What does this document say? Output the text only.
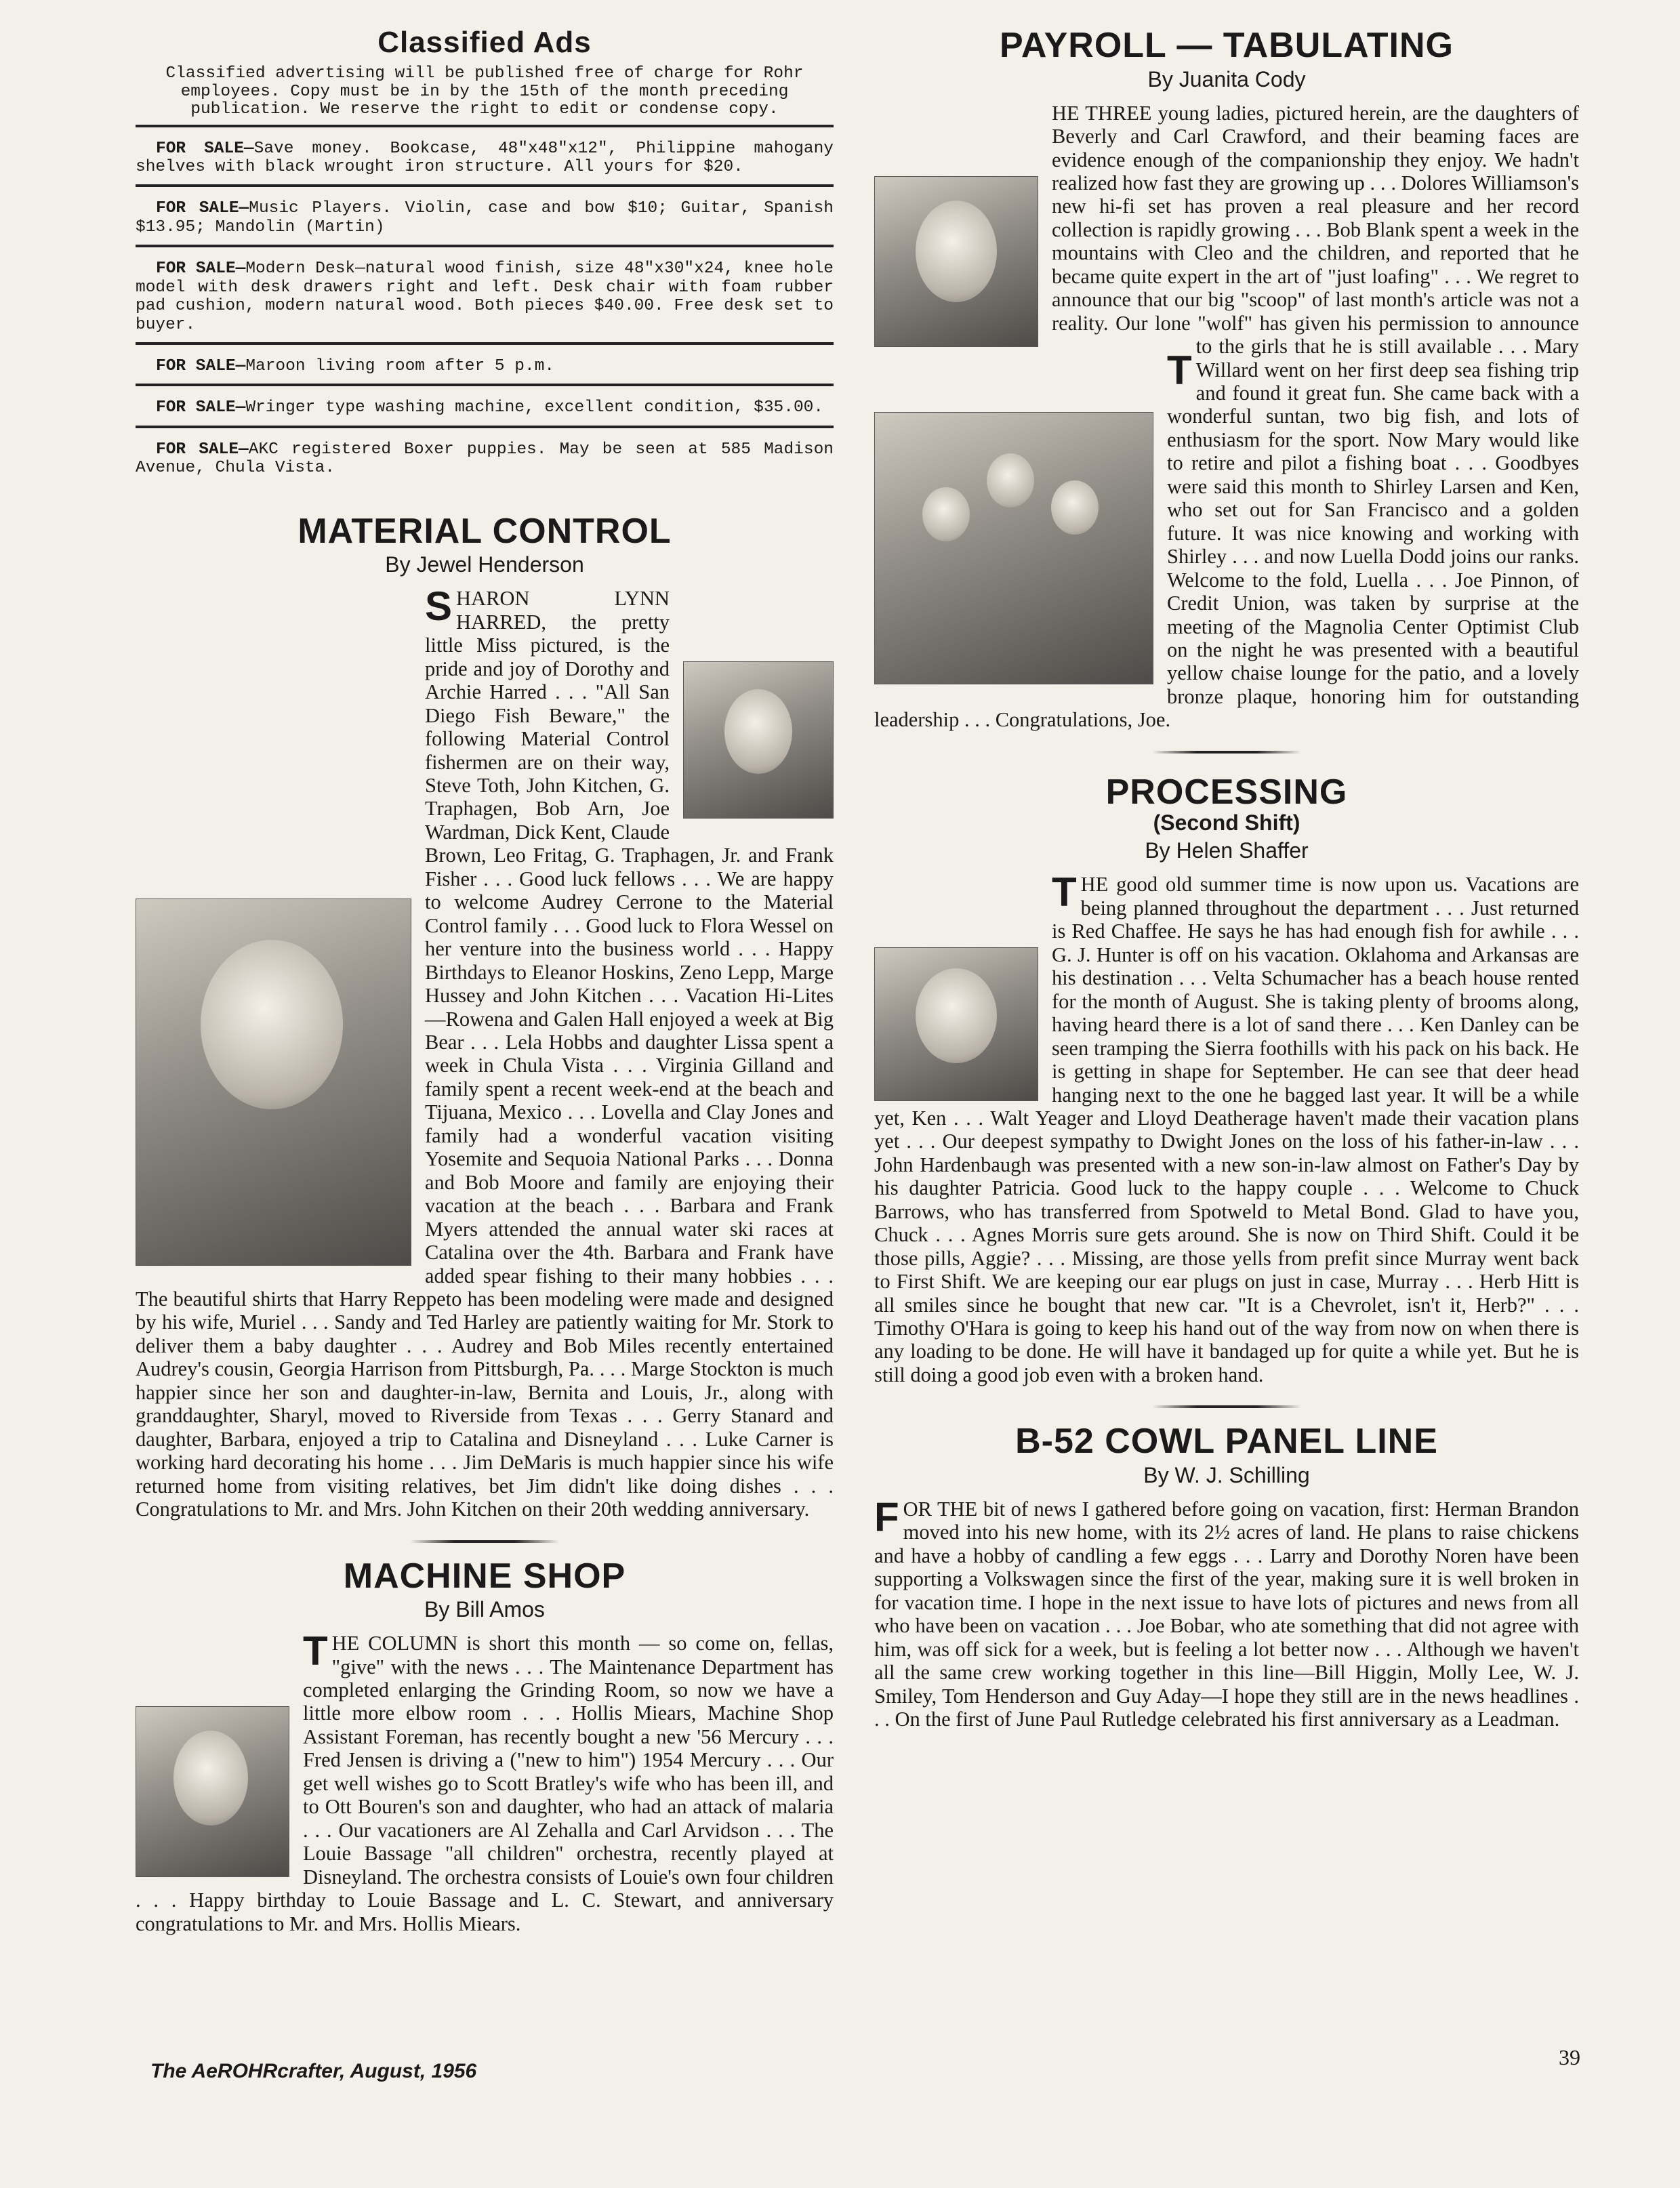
Classified Ads
Classified advertising will be published free of charge for Rohr employees. Copy must be in by the 15th of the month preceding publication. We reserve the right to edit or condense copy.
FOR SALE—Save money. Bookcase, 48"x48"x12", Philippine mahogany shelves with black wrought iron structure. All yours for $20.
FOR SALE—Music Players. Violin, case and bow $10; Guitar, Spanish $13.95; Mandolin (Martin)
FOR SALE—Modern Desk—natural wood finish, size 48"x30"x24, knee hole model with desk drawers right and left. Desk chair with foam rubber pad cushion, modern natural wood. Both pieces $40.00. Free desk set to buyer.
FOR SALE—Maroon living room after 5 p.m.
FOR SALE—Wringer type washing machine, excellent condition, $35.00.
FOR SALE—AKC registered Boxer puppies. May be seen at 585 Madison Avenue, Chula Vista.
MATERIAL CONTROL
By Jewel Henderson

SHARON LYNN HARRED, the pretty little Miss pictured, is the pride and joy of Dorothy and Archie Harred . . . "All San Diego Fish Beware," the following Material Control fishermen are on their way, Steve Toth, John Kitchen, G. Traphagen, Bob Arn, Joe Wardman, Dick Kent, Claude Brown, Leo Fritag, G. Traphagen, Jr. and Frank Fisher . . . Good luck fellows . . . We are happy to welcome Audrey Cerrone to the Material Control family . . . Good luck to Flora Wessel on her venture into the business world . . . Happy Birthdays to Eleanor Hoskins, Zeno Lepp, Marge Hussey and John Kitchen . . . Vacation Hi-Lites—Rowena and Galen Hall enjoyed a week at Big Bear . . . Lela Hobbs and daughter Lissa spent a week in Chula Vista . . . Virginia Gilland and family spent a recent week-end at the beach and Tijuana, Mexico . . . Lovella and Clay Jones and family had a wonderful vacation visiting Yosemite and Sequoia National Parks . . . Donna and Bob Moore and family are enjoying their vacation at the beach . . . Barbara and Frank Myers attended the annual water ski races at Catalina over the 4th. Barbara and Frank have added spear fishing to their many hobbies . . . The beautiful shirts that Harry Reppeto has been modeling were made and designed by his wife, Muriel . . . Sandy and Ted Harley are patiently waiting for Mr. Stork to deliver them a baby daughter . . . Audrey and Bob Miles recently entertained Audrey's cousin, Georgia Harrison from Pittsburgh, Pa. . . . Marge Stockton is much happier since her son and daughter-in-law, Bernita and Louis, Jr., along with granddaughter, Sharyl, moved to Riverside from Texas . . . Gerry Stanard and daughter, Barbara, enjoyed a trip to Catalina and Disneyland . . . Luke Carner is working hard decorating his home . . . Jim DeMaris is much happier since his wife returned home from visiting relatives, bet Jim didn't like doing dishes . . . Congratulations to Mr. and Mrs. John Kitchen on their 20th wedding anniversary.

MACHINE SHOP
By Bill Amos

THE COLUMN is short this month — so come on, fellas, "give" with the news . . . The Maintenance Department has completed enlarging the Grinding Room, so now we have a little more elbow room . . . Hollis Miears, Machine Shop Assistant Foreman, has recently bought a new '56 Mercury . . . Fred Jensen is driving a ("new to him") 1954 Mercury . . . Our get well wishes go to Scott Bratley's wife who has been ill, and to Ott Bouren's son and daughter, who had an attack of malaria . . . Our vacationers are Al Zehalla and Carl Arvidson . . . The Louie Bassage "all children" orchestra, recently played at Disneyland. The orchestra consists of Louie's own four children . . . Happy birthday to Louie Bassage and L. C. Stewart, and anniversary congratulations to Mr. and Mrs. Hollis Miears.

PAYROLL — TABULATING
By Juanita Cody

T
HE THREE young ladies, pictured herein, are the daughters of Beverly and Carl Crawford, and their beaming faces are evidence enough of the companionship they enjoy. We hadn't realized how fast they are growing up . . . Dolores Williamson's new hi-fi set has proven a real pleasure and her record collection is rapidly growing . . . Bob Blank spent a week in the mountains with Cleo and the children, and reported that he became quite expert in the art of "just loafing" . . . We regret to announce that our big "scoop" of last month's article was not a reality. Our lone "wolf" has given his permission to announce to the girls that he is still available . . . Mary Willard went on her first deep sea fishing trip and found it great fun. She came back with a wonderful suntan, two big fish, and lots of enthusiasm for the sport. Now Mary would like to retire and pilot a fishing boat . . . Goodbyes were said this month to Shirley Larsen and Ken, who set out for San Francisco and a golden future. It was nice knowing and working with Shirley . . . and now Luella Dodd joins our ranks. Welcome to the fold, Luella . . . Joe Pinnon, of Credit Union, was taken by surprise at the meeting of the Magnolia Center Optimist Club on the night he was presented with a beautiful yellow chaise lounge for the patio, and a lovely bronze plaque, honoring him for outstanding leadership . . . Congratulations, Joe.

PROCESSING
(Second Shift)
By Helen Shaffer

THE good old summer time is now upon us. Vacations are being planned throughout the department . . . Just returned is Red Chaffee. He says he has had enough fish for awhile . . . G. J. Hunter is off on his vacation. Oklahoma and Arkansas are his destination . . . Velta Schumacher has a beach house rented for the month of August. She is taking plenty of brooms along, having heard there is a lot of sand there . . . Ken Danley can be seen tramping the Sierra foothills with his pack on his back. He is getting in shape for September. He can see that deer head hanging next to the one he bagged last year. It will be a while yet, Ken . . . Walt Yeager and Lloyd Deatherage haven't made their vacation plans yet . . . Our deepest sympathy to Dwight Jones on the loss of his father-in-law . . . John Hardenbaugh was presented with a new son-in-law almost on Father's Day by his daughter Patricia. Good luck to the happy couple . . . Welcome to Chuck Barrows, who has transferred from Spotweld to Metal Bond. Glad to have you, Chuck . . . Agnes Morris sure gets around. She is now on Third Shift. Could it be those pills, Aggie? . . . Missing, are those yells from prefit since Murray went back to First Shift. We are keeping our ear plugs on just in case, Murray . . . Herb Hitt is all smiles since he bought that new car. "It is a Chevrolet, isn't it, Herb?" . . . Timothy O'Hara is going to keep his hand out of the way from now on when there is any loading to be done. He will have it bandaged up for quite a while yet. But he is still doing a good job even with a broken hand.

B-52 COWL PANEL LINE
By W. J. Schilling

FOR THE bit of news I gathered before going on vacation, first: Herman Brandon moved into his new home, with its 2½ acres of land. He plans to raise chickens and have a hobby of candling a few eggs . . . Larry and Dorothy Noren have been supporting a Volkswagen since the first of the year, making sure it is well broken in for vacation time. I hope in the next issue to have lots of pictures and news from all who have been on vacation . . . Joe Bobar, who ate something that did not agree with him, was off sick for a week, but is feeling a lot better now . . . Although we haven't all the same crew working together in this line—Bill Higgin, Molly Lee, W. J. Smiley, Tom Henderson and Guy Aday—I hope they still are in the news headlines . . . On the first of June Paul Rutledge celebrated his first anniversary as a Leadman.

The AeROHRcrafter, August, 1956
39
